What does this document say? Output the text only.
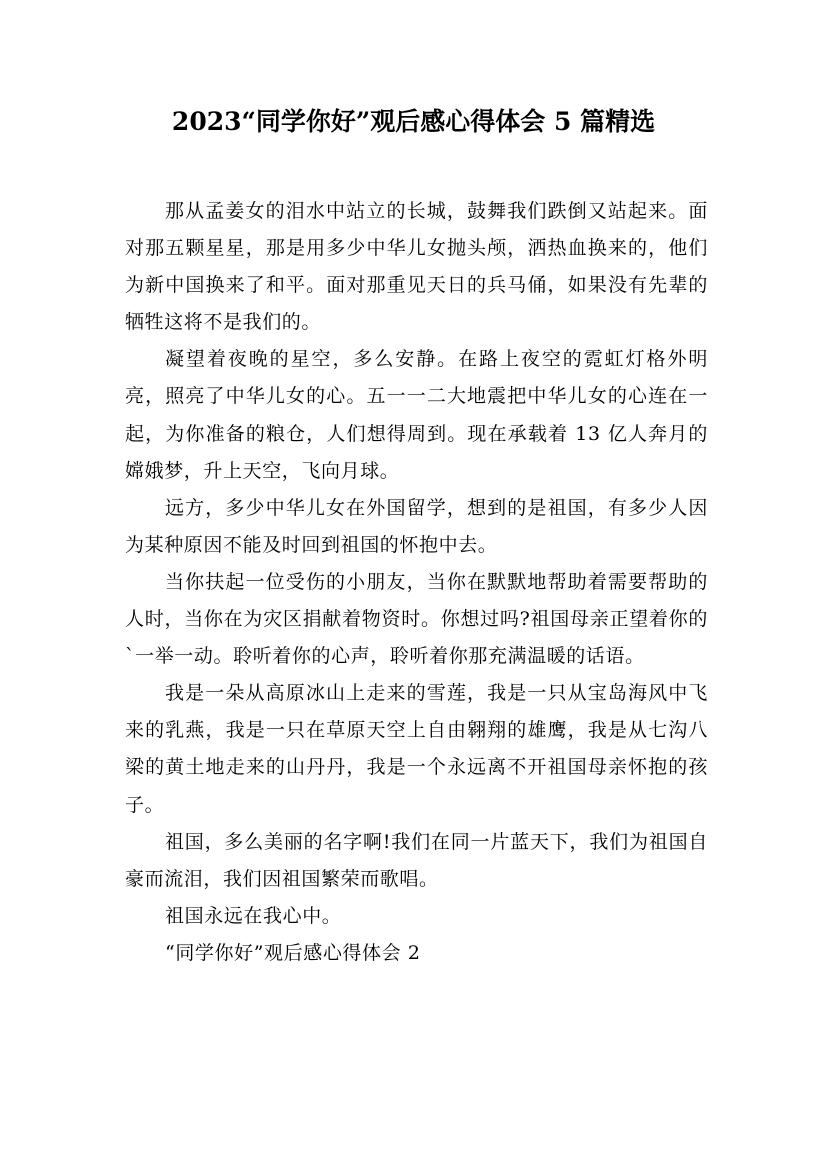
2023“同学你好”观后感心得体会 5 篇精选

那从孟姜女的泪水中站立的长城，鼓舞我们跌倒又站起来。面对那五颗星星，那是用多少中华儿女抛头颅，洒热血换来的，他们为新中国换来了和平。面对那重见天日的兵马俑，如果没有先辈的牺牲这将不是我们的。

凝望着夜晚的星空，多么安静。在路上夜空的霓虹灯格外明亮，照亮了中华儿女的心。五一一二大地震把中华儿女的心连在一起，为你准备的粮仓，人们想得周到。现在承载着 13 亿人奔月的嫦娥梦，升上天空，飞向月球。

远方，多少中华儿女在外国留学，想到的是祖国，有多少人因为某种原因不能及时回到祖国的怀抱中去。

当你扶起一位受伤的小朋友，当你在默默地帮助着需要帮助的人时，当你在为灾区捐献着物资时。你想过吗?祖国母亲正望着你的`一举一动。聆听着你的心声，聆听着你那充满温暖的话语。

我是一朵从高原冰山上走来的雪莲，我是一只从宝岛海风中飞来的乳燕，我是一只在草原天空上自由翱翔的雄鹰，我是从七沟八梁的黄土地走来的山丹丹，我是一个永远离不开祖国母亲怀抱的孩子。

祖国，多么美丽的名字啊!我们在同一片蓝天下，我们为祖国自豪而流泪，我们因祖国繁荣而歌唱。

祖国永远在我心中。

“同学你好”观后感心得体会 2
